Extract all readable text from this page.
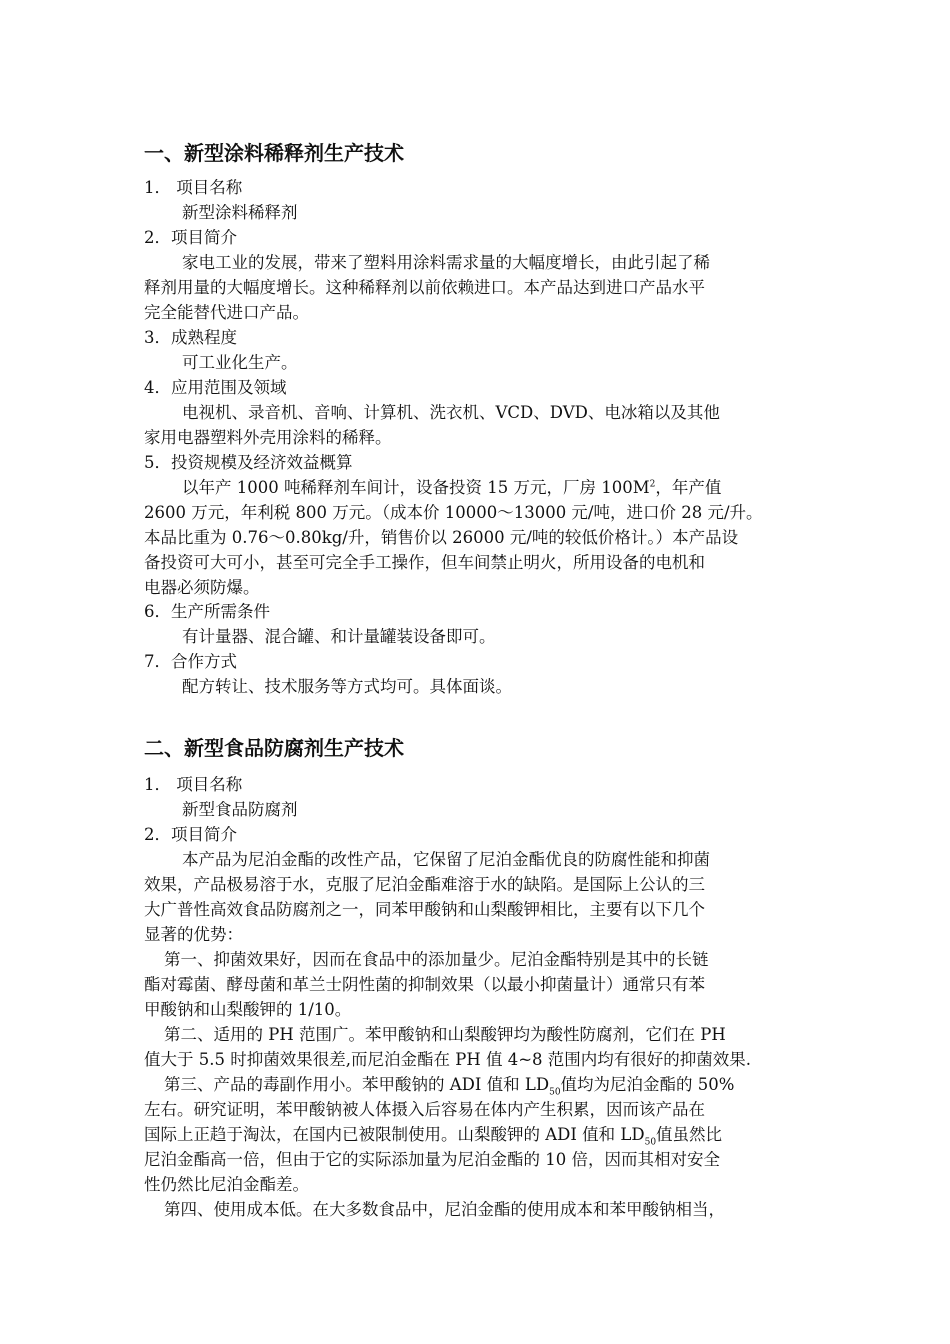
一、新型涂料稀释剂生产技术
1． 项目名称
新型涂料稀释剂
2．项目简介
家电工业的发展，带来了塑料用涂料需求量的大幅度增长，由此引起了稀
释剂用量的大幅度增长。这种稀释剂以前依赖进口。本产品达到进口产品水平
完全能替代进口产品。
3．成熟程度
可工业化生产。
4．应用范围及领域
电视机、录音机、音响、计算机、洗衣机、VCD、DVD、电冰箱以及其他
家用电器塑料外壳用涂料的稀释。
5．投资规模及经济效益概算
以年产 1000 吨稀释剂车间计，设备投资 15 万元，厂房 $100M^2$，年产值
2600 万元，年利税 800 万元。（成本价 10000～13000 元/吨，进口价 28 元/升。
本品比重为 0.76～0.80kg/升，销售价以 26000 元/吨的较低价格计。）本产品设
备投资可大可小，甚至可完全手工操作，但车间禁止明火，所用设备的电机和
电器必须防爆。
6．生产所需条件
有计量器、混合罐、和计量罐装设备即可。
7．合作方式
配方转让、技术服务等方式均可。具体面谈。
二、新型食品防腐剂生产技术
1． 项目名称
新型食品防腐剂
2．项目简介
本产品为尼泊金酯的改性产品，它保留了尼泊金酯优良的防腐性能和抑菌
效果，产品极易溶于水，克服了尼泊金酯难溶于水的缺陷。是国际上公认的三
大广普性高效食品防腐剂之一，同苯甲酸钠和山梨酸钾相比，主要有以下几个
显著的优势：
第一、抑菌效果好，因而在食品中的添加量少。尼泊金酯特别是其中的长链
酯对霉菌、酵母菌和革兰士阴性菌的抑制效果（以最小抑菌量计）通常只有苯
甲酸钠和山梨酸钾的 1/10。
第二、适用的 PH 范围广。苯甲酸钠和山梨酸钾均为酸性防腐剂，它们在 PH
值大于 5.5 时抑菌效果很差,而尼泊金酯在 PH 值 4~8 范围内均有很好的抑菌效果.
第三、产品的毒副作用小。苯甲酸钠的 ADI 值和 $LD_{50}$值均为尼泊金酯的 50%
左右。研究证明，苯甲酸钠被人体摄入后容易在体内产生积累，因而该产品在
国际上正趋于淘汰，在国内已被限制使用。山梨酸钾的 ADI 值和 $LD_{50}$值虽然比
尼泊金酯高一倍，但由于它的实际添加量为尼泊金酯的 10 倍，因而其相对安全
性仍然比尼泊金酯差。
第四、使用成本低。在大多数食品中，尼泊金酯的使用成本和苯甲酸钠相当，
